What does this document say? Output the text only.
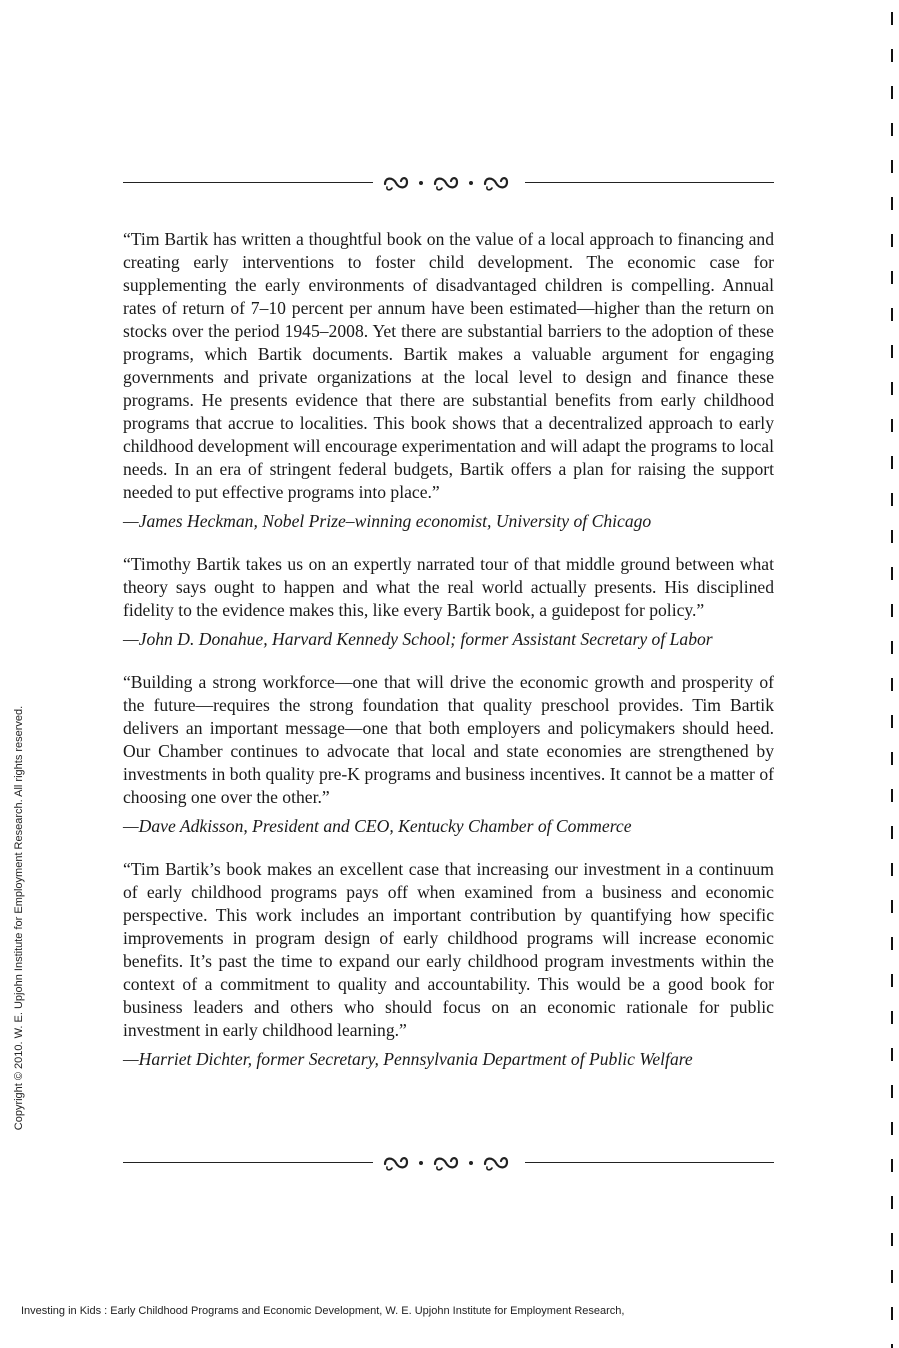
“Tim Bartik has written a thoughtful book on the value of a local approach to financing and creating early interventions to foster child development. The economic case for supplementing the early environments of disadvantaged children is compelling. Annual rates of return of 7–10 percent per annum have been estimated—higher than the return on stocks over the period 1945–2008. Yet there are substantial barriers to the adoption of these programs, which Bartik documents. Bartik makes a valuable argument for engaging governments and private organizations at the local level to design and finance these programs. He presents evidence that there are substantial benefits from early childhood programs that accrue to localities. This book shows that a decentralized approach to early childhood development will encourage experimentation and will adapt the programs to local needs. In an era of stringent federal budgets, Bartik offers a plan for raising the support needed to put effective programs into place.”

—James Heckman, Nobel Prize–winning economist, University of Chicago

“Timothy Bartik takes us on an expertly narrated tour of that middle ground between what theory says ought to happen and what the real world actually presents. His disciplined fidelity to the evidence makes this, like every Bartik book, a guidepost for policy.”

—John D. Donahue, Harvard Kennedy School; former Assistant Secretary of Labor

“Building a strong workforce—one that will drive the economic growth and prosperity of the future—requires the strong foundation that quality preschool provides. Tim Bartik delivers an important message—one that both employers and policymakers should heed. Our Chamber continues to advocate that local and state economies are strengthened by investments in both quality pre-K programs and business incentives. It cannot be a matter of choosing one over the other.”

—Dave Adkisson, President and CEO, Kentucky Chamber of Commerce

“Tim Bartik’s book makes an excellent case that increasing our investment in a continuum of early childhood programs pays off when examined from a business and economic perspective. This work includes an important contribution by quantifying how specific improvements in program design of early childhood programs will increase economic benefits. It’s past the time to expand our early childhood program investments within the context of a commitment to quality and accountability. This would be a good book for business leaders and others who should focus on an economic rationale for public investment in early childhood learning.”

—Harriet Dichter, former Secretary, Pennsylvania Department of Public Welfare

Copyright © 2010. W. E. Upjohn Institute for Employment Research. All rights reserved.
Investing in Kids : Early Childhood Programs and Economic Development, W. E. Upjohn Institute for Employment Research,
